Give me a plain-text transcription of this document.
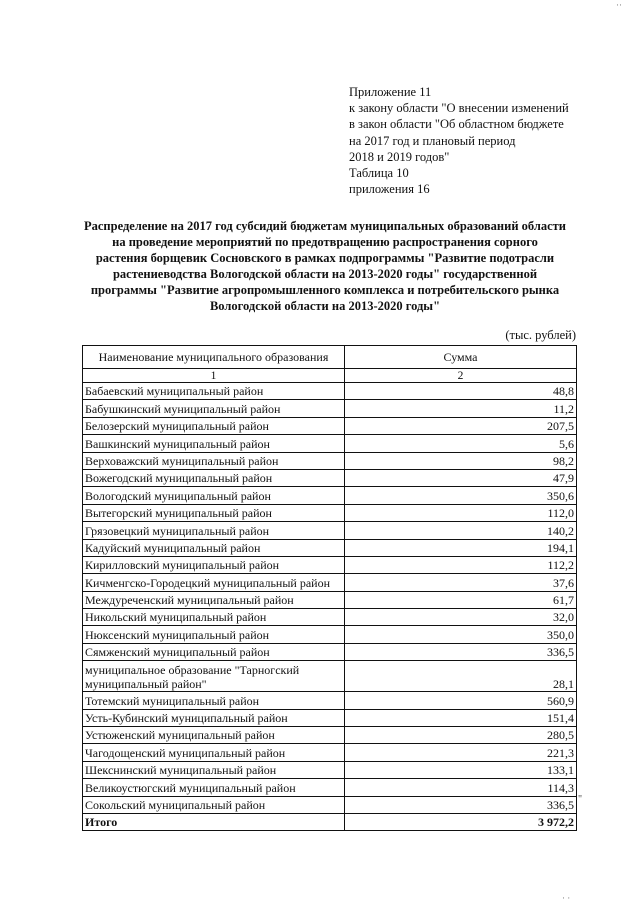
··
Приложение 11
к закону области "О внесении изменений
в закон области "Об областном бюджете
на 2017 год и плановый период
2018 и 2019 годов"
Таблица 10
приложения 16
Распределение на 2017 год субсидий бюджетам муниципальных образований области
на проведение мероприятий по предотвращению распространения сорного
растения борщевик Сосновского в рамках подпрограммы "Развитие подотрасли
растениеводства Вологодской области на 2013-2020 годы" государственной
программы "Развитие агропромышленного комплекса и потребительского рынка
Вологодской области на 2013-2020 годы"
(тыс. рублей)
Наименование муниципального образования	Сумма
1	2
Бабаевский муниципальный район	48,8
Бабушкинский муниципальный район	11,2
Белозерский муниципальный район	207,5
Вашкинский муниципальный район	5,6
Верховажский муниципальный район	98,2
Вожегодский муниципальный район	47,9
Вологодский муниципальный район	350,6
Вытегорский муниципальный район	112,0
Грязовецкий муниципальный район	140,2
Кадуйский муниципальный район	194,1
Кирилловский муниципальный район	112,2
Кичменгско-Городецкий муниципальный район	37,6
Междуреченский муниципальный район	61,7
Никольский муниципальный район	32,0
Нюксенский муниципальный район	350,0
Сямженский муниципальный район	336,5
муниципальное образование "Тарногский муниципальный район"	28,1
Тотемский муниципальный район	560,9
Усть-Кубинский муниципальный район	151,4
Устюженский муниципальный район	280,5
Чагодощенский муниципальный район	221,3
Шекснинский муниципальный район	133,1
Великоустюгский муниципальный район	114,3
Сокольский муниципальный район	336,5
Итого	3 972,2
"
· ·
